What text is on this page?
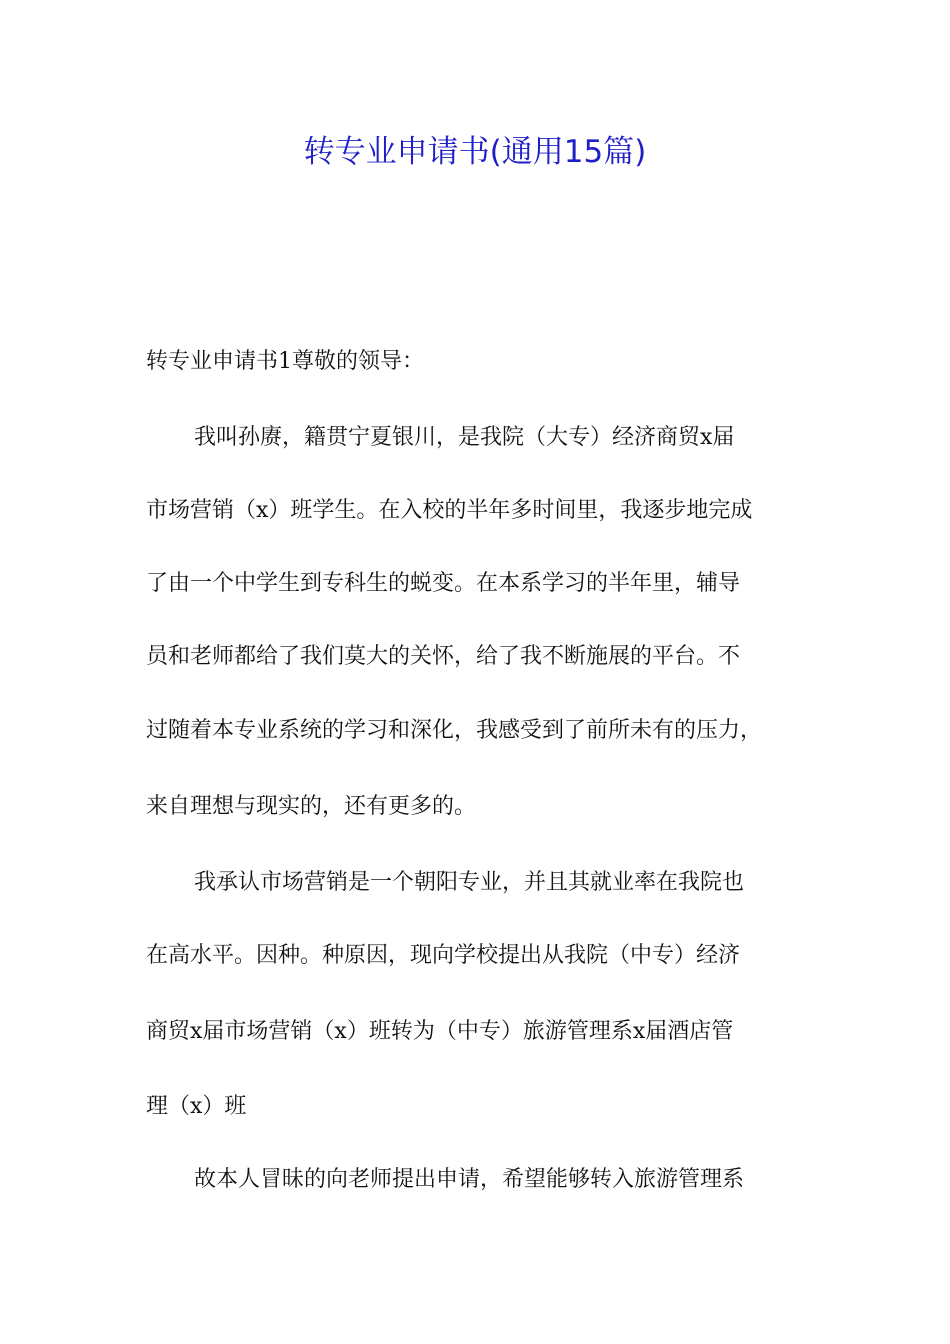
转专业申请书(通用15篇)
转专业申请书1尊敬的领导：
我叫孙赓，籍贯宁夏银川，是我院（大专）经济商贸x届
市场营销（x）班学生。在入校的半年多时间里，我逐步地完成
了由一个中学生到专科生的蜕变。在本系学习的半年里，辅导
员和老师都给了我们莫大的关怀，给了我不断施展的平台。不
过随着本专业系统的学习和深化，我感受到了前所未有的压力，
来自理想与现实的，还有更多的。
我承认市场营销是一个朝阳专业，并且其就业率在我院也
在高水平。因种。种原因，现向学校提出从我院（中专）经济
商贸x届市场营销（x）班转为（中专）旅游管理系x届酒店管
理（x）班
故本人冒昧的向老师提出申请，希望能够转入旅游管理系
